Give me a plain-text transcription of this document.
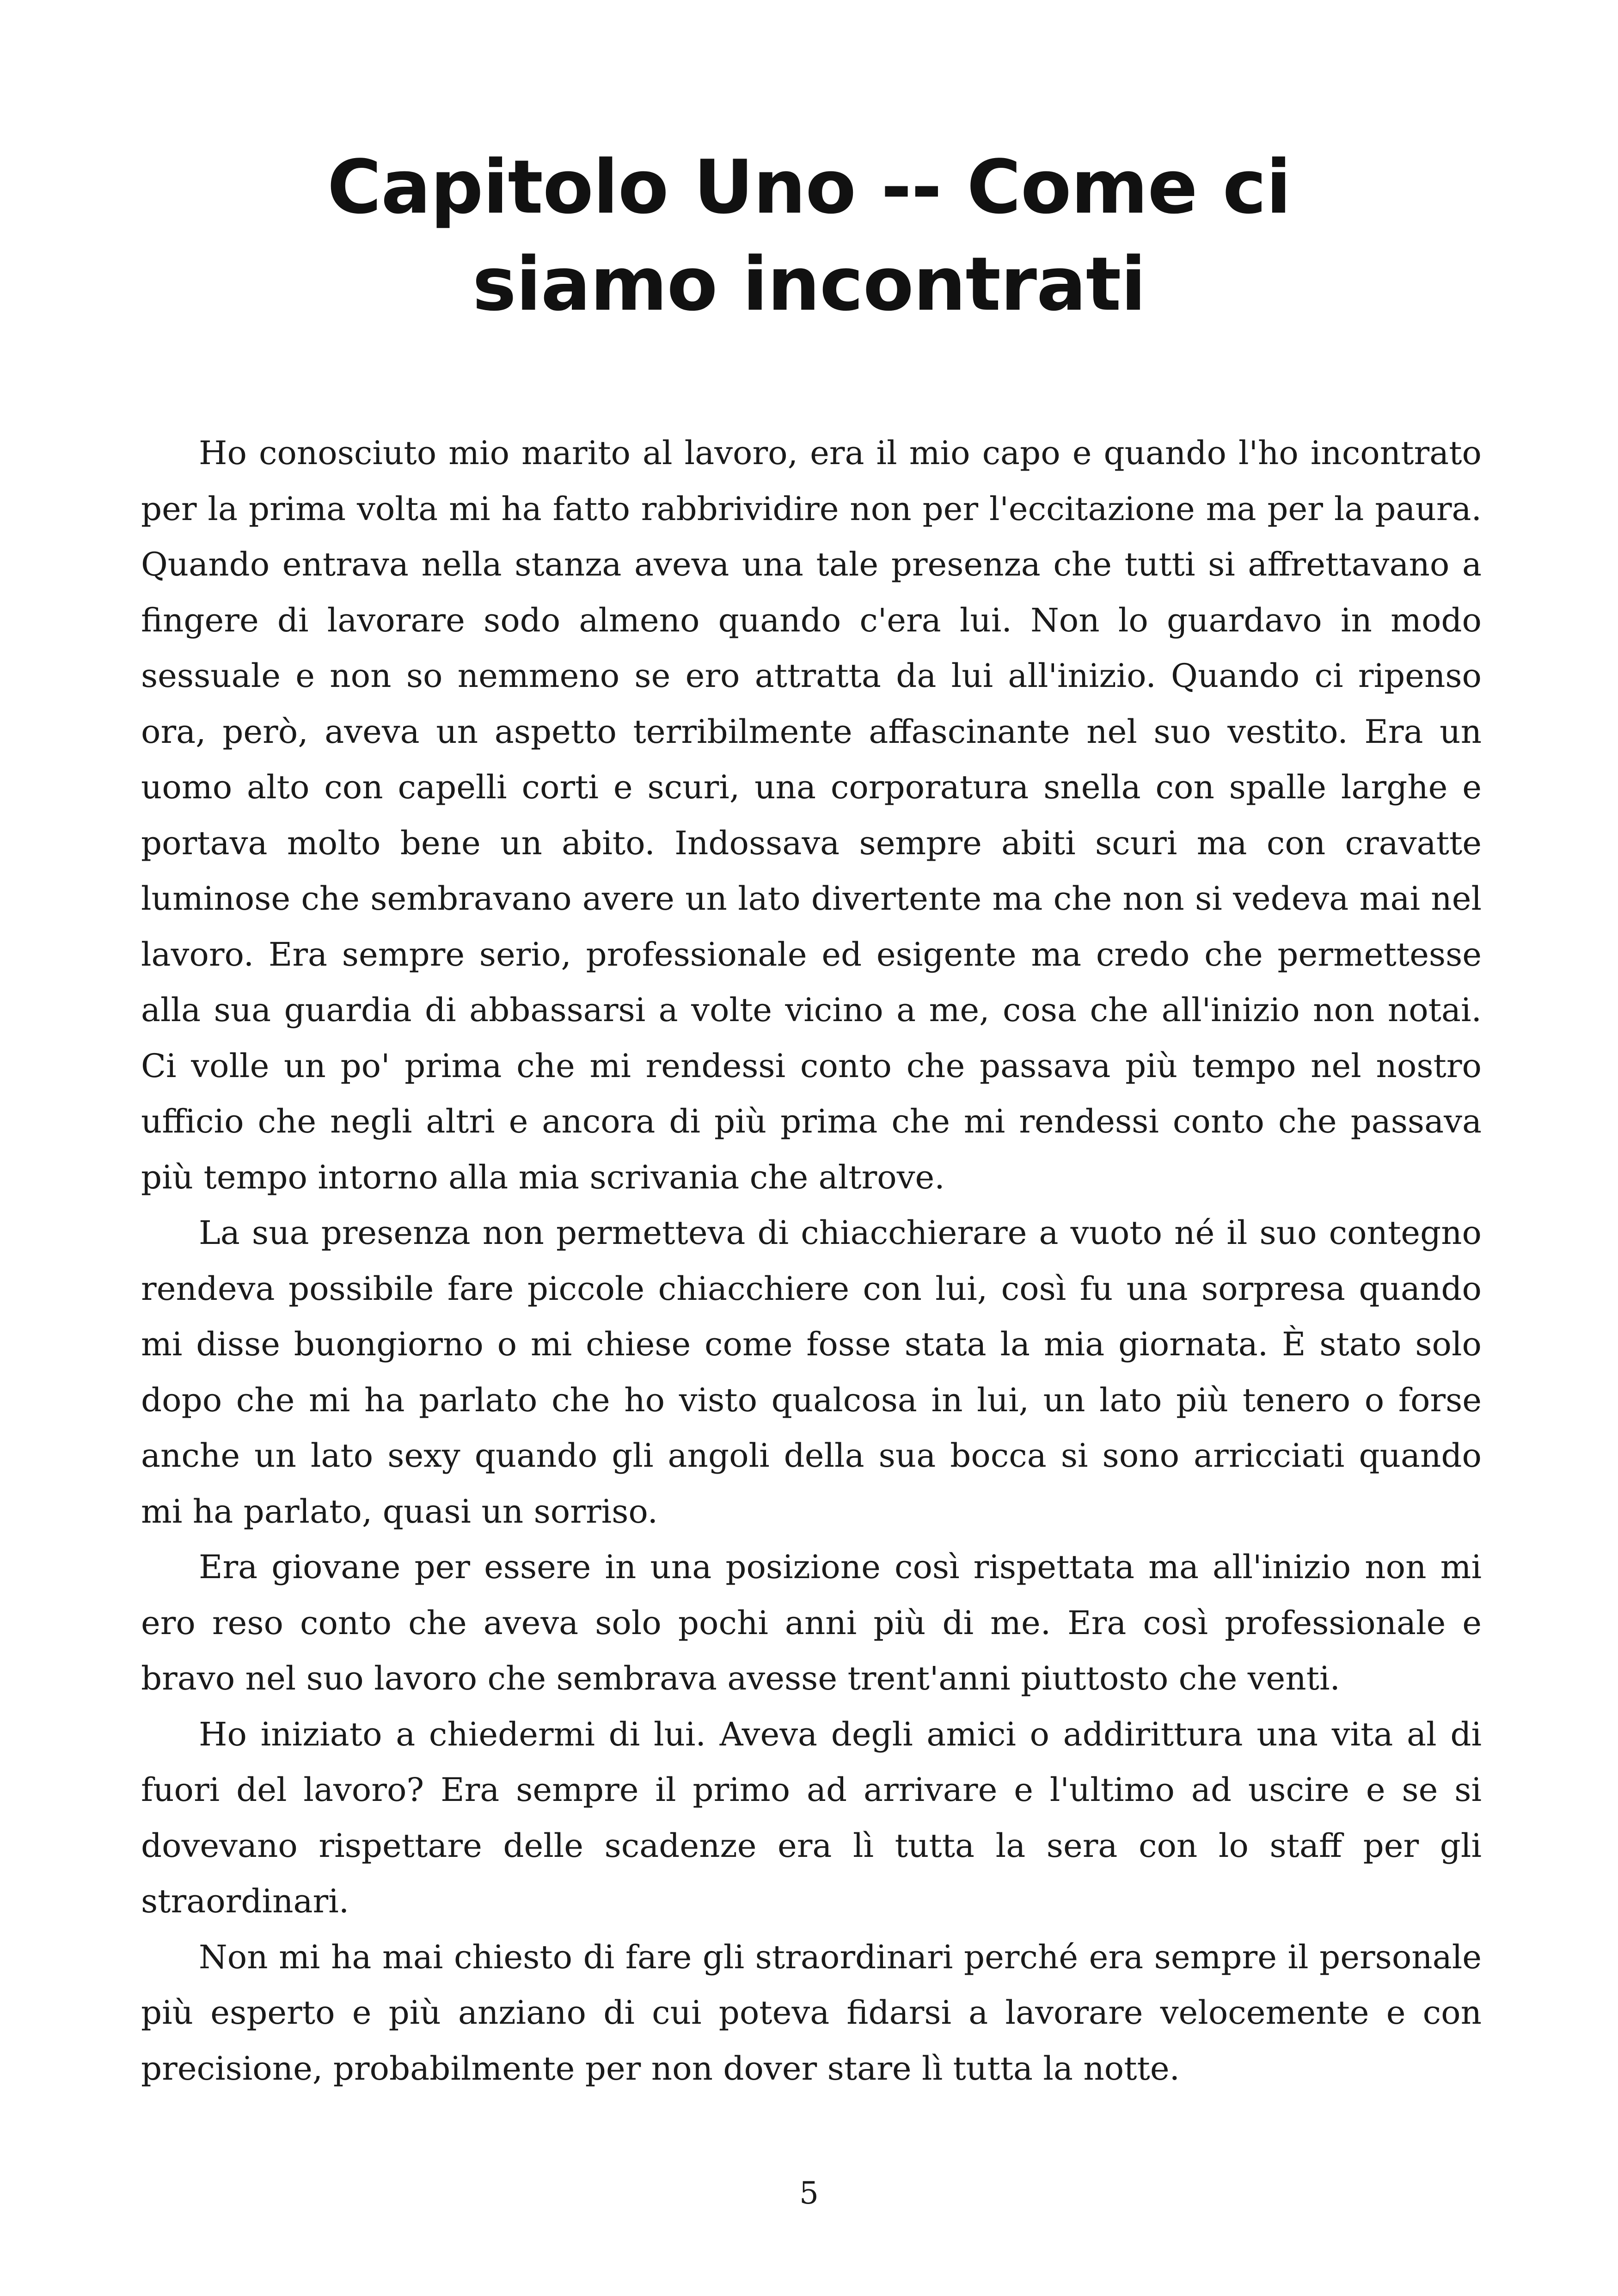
Capitolo Uno -- Come ci siamo incontrati

Ho conosciuto mio marito al lavoro, era il mio capo e quando l'ho incontrato per la prima volta mi ha fatto rabbrividire non per l'eccitazione ma per la paura. Quando entrava nella stanza aveva una tale presenza che tutti si affrettavano a fingere di lavorare sodo almeno quando c'era lui. Non lo guardavo in modo sessuale e non so nemmeno se ero attratta da lui all'inizio. Quando ci ripenso ora, però, aveva un aspetto terribilmente affascinante nel suo vestito. Era un uomo alto con capelli corti e scuri, una corporatura snella con spalle larghe e portava molto bene un abito. Indossava sempre abiti scuri ma con cravatte luminose che sembravano avere un lato divertente ma che non si vedeva mai nel lavoro. Era sempre serio, professionale ed esigente ma credo che permettesse alla sua guardia di abbassarsi a volte vicino a me, cosa che all'inizio non notai. Ci volle un po' prima che mi rendessi conto che passava più tempo nel nostro ufficio che negli altri e ancora di più prima che mi rendessi conto che passava più tempo intorno alla mia scrivania che altrove.

La sua presenza non permetteva di chiacchierare a vuoto né il suo contegno rendeva possibile fare piccole chiacchiere con lui, così fu una sorpresa quando mi disse buongiorno o mi chiese come fosse stata la mia giornata. È stato solo dopo che mi ha parlato che ho visto qualcosa in lui, un lato più tenero o forse anche un lato sexy quando gli angoli della sua bocca si sono arricciati quando mi ha parlato, quasi un sorriso.

Era giovane per essere in una posizione così rispettata ma all'inizio non mi ero reso conto che aveva solo pochi anni più di me. Era così professionale e bravo nel suo lavoro che sembrava avesse trent'anni piuttosto che venti.

Ho iniziato a chiedermi di lui. Aveva degli amici o addirittura una vita al di fuori del lavoro? Era sempre il primo ad arrivare e l'ultimo ad uscire e se si dovevano rispettare delle scadenze era lì tutta la sera con lo staff per gli straordinari.

Non mi ha mai chiesto di fare gli straordinari perché era sempre il personale più esperto e più anziano di cui poteva fidarsi a lavorare velocemente e con precisione, probabilmente per non dover stare lì tutta la notte.

5
